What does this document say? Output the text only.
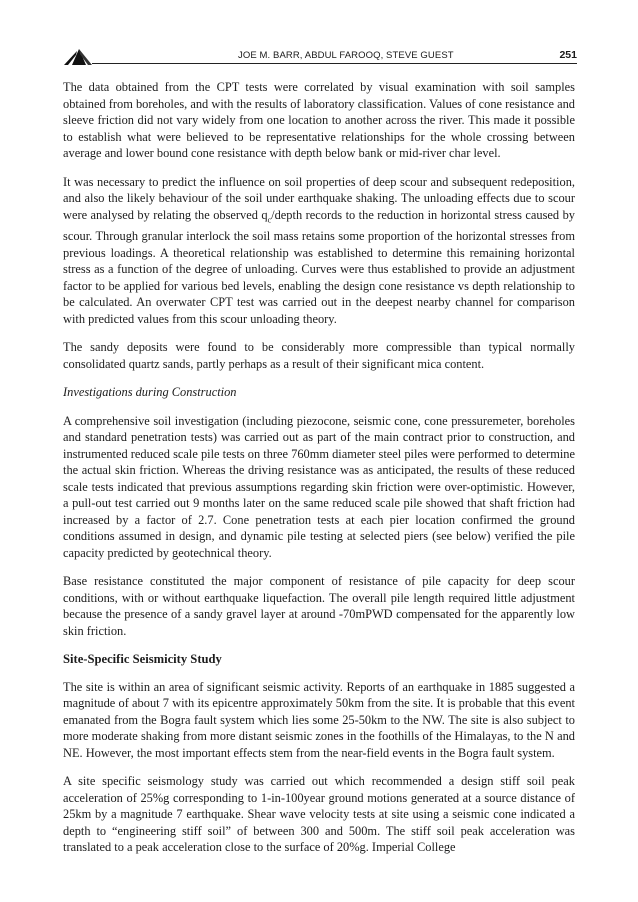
JOE M. BARR, ABDUL FAROOQ, STEVE GUEST	251

The data obtained from the CPT tests were correlated by visual examination with soil samples obtained from boreholes, and with the results of laboratory classification. Values of cone resistance and sleeve friction did not vary widely from one location to another across the river. This made it possible to establish what were believed to be representative relationships for the whole crossing between average and lower bound cone resistance with depth below bank or mid-river char level.

It was necessary to predict the influence on soil properties of deep scour and subsequent redeposition, and also the likely behaviour of the soil under earthquake shaking. The unloading effects due to scour were analysed by relating the observed $q_c$/depth records to the reduction in horizontal stress caused by scour. Through granular interlock the soil mass retains some proportion of the horizontal stresses from previous loadings. A theoretical relationship was established to determine this remaining horizontal stress as a function of the degree of unloading. Curves were thus established to provide an adjustment factor to be applied for various bed levels, enabling the design cone resistance vs depth relationship to be calculated. An overwater CPT test was carried out in the deepest nearby channel for comparison with predicted values from this scour unloading theory.

The sandy deposits were found to be considerably more compressible than typical normally consolidated quartz sands, partly perhaps as a result of their significant mica content.

Investigations during Construction

A comprehensive soil investigation (including piezocone, seismic cone, cone pressuremeter, boreholes and standard penetration tests) was carried out as part of the main contract prior to construction, and instrumented reduced scale pile tests on three 760mm diameter steel piles were performed to determine the actual skin friction. Whereas the driving resistance was as anticipated, the results of these reduced scale tests indicated that previous assumptions regarding skin friction were over-optimistic. However, a pull-out test carried out 9 months later on the same reduced scale pile showed that shaft friction had increased by a factor of 2.7. Cone penetration tests at each pier location confirmed the ground conditions assumed in design, and dynamic pile testing at selected piers (see below) verified the pile capacity predicted by geotechnical theory.

Base resistance constituted the major component of resistance of pile capacity for deep scour conditions, with or without earthquake liquefaction. The overall pile length required little adjustment because the presence of a sandy gravel layer at around -70mPWD compensated for the apparently low skin friction.

Site-Specific Seismicity Study

The site is within an area of significant seismic activity. Reports of an earthquake in 1885 suggested a magnitude of about 7 with its epicentre approximately 50km from the site. It is probable that this event emanated from the Bogra fault system which lies some 25-50km to the NW. The site is also subject to more moderate shaking from more distant seismic zones in the foothills of the Himalayas, to the N and NE. However, the most important effects stem from the near-field events in the Bogra fault system.

A site specific seismology study was carried out which recommended a design stiff soil peak acceleration of 25%g corresponding to 1-in-100year ground motions generated at a source distance of 25km by a magnitude 7 earthquake. Shear wave velocity tests at site using a seismic cone indicated a depth to “engineering stiff soil” of between 300 and 500m. The stiff soil peak acceleration was translated to a peak acceleration close to the surface of 20%g. Imperial College
